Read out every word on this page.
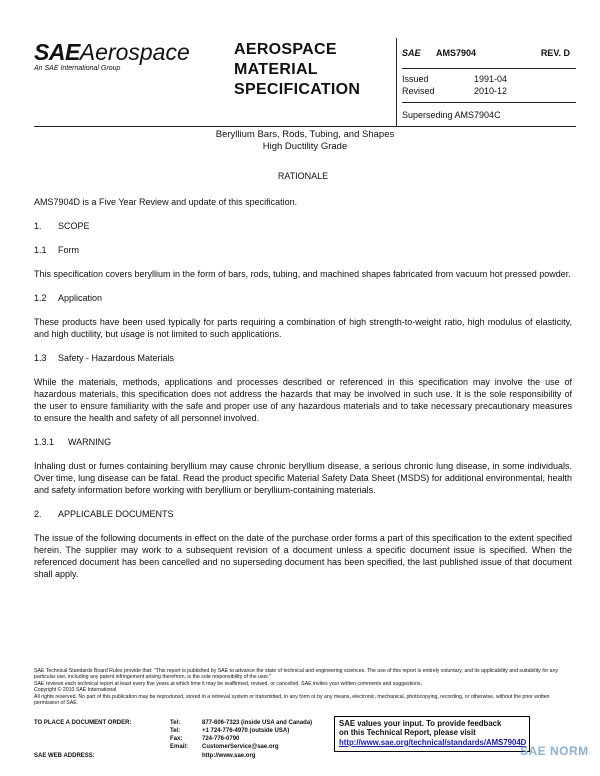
SAEAerospace
An SAE International Group
AEROSPACE
MATERIAL
SPECIFICATION
SAE AMS7904	REV. D
Issued	1991-04
Revised	2010-12
Superseding AMS7904C
Beryllium Bars, Rods, Tubing, and Shapes
High Ductility Grade
RATIONALE

AMS7904D is a Five Year Review and update of this specification.

1. SCOPE
1.1 Form

This specification covers beryllium in the form of bars, rods, tubing, and machined shapes fabricated from vacuum hot pressed powder.

1.2 Application

These products have been used typically for parts requiring a combination of high strength-to-weight ratio, high modulus of elasticity, and high ductility, but usage is not limited to such applications.

1.3 Safety - Hazardous Materials

While the materials, methods, applications and processes described or referenced in this specification may involve the use of hazardous materials, this specification does not address the hazards that may be involved in such use. It is the sole responsibility of the user to ensure familiarity with the safe and proper use of any hazardous materials and to take necessary precautionary measures to ensure the health and safety of all personnel involved.

1.3.1 WARNING

Inhaling dust or fumes containing beryllium may cause chronic beryllium disease, a serious chronic lung disease, in some individuals. Over time, lung disease can be fatal. Read the product specific Material Safety Data Sheet (MSDS) for additional environmental, health and safety information before working with beryllium or beryllium-containing materials.

2. APPLICABLE DOCUMENTS

The issue of the following documents in effect on the date of the purchase order forms a part of this specification to the extent specified herein. The supplier may work to a subsequent revision of a document unless a specific document issue is specified. When the referenced document has been cancelled and no superseding document has been specified, the last published issue of that document shall apply.

SAE Technical Standards Board Rules provide that: "This report is published by SAE to advance the state of technical and engineering sciences. The use of this report is entirely voluntary, and its applicability and suitability for any particular use, including any patent infringement arising therefrom, is the sole responsibility of the user."

SAE reviews each technical report at least every five years at which time it may be reaffirmed, revised, or cancelled. SAE invites your written comments and suggestions.

Copyright © 2010 SAE International

All rights reserved. No part of this publication may be reproduced, stored in a retrieval system or transmitted, in any form or by any means, electronic, mechanical, photocopying, recording, or otherwise, without the prior written permission of SAE.

TO PLACE A DOCUMENT ORDER:	Tel:	877-606-7323 (inside USA and Canada)
Tel:	+1 724-776-4970 (outside USA)
Fax:	724-776-0790
Email: CustomerService@sae.org
SAE WEB ADDRESS:	http://www.sae.org
SAE values your input. To provide feedback
on this Technical Report, please visit
http://www.sae.org/technical/standards/AMS7904D
SAE NORM
